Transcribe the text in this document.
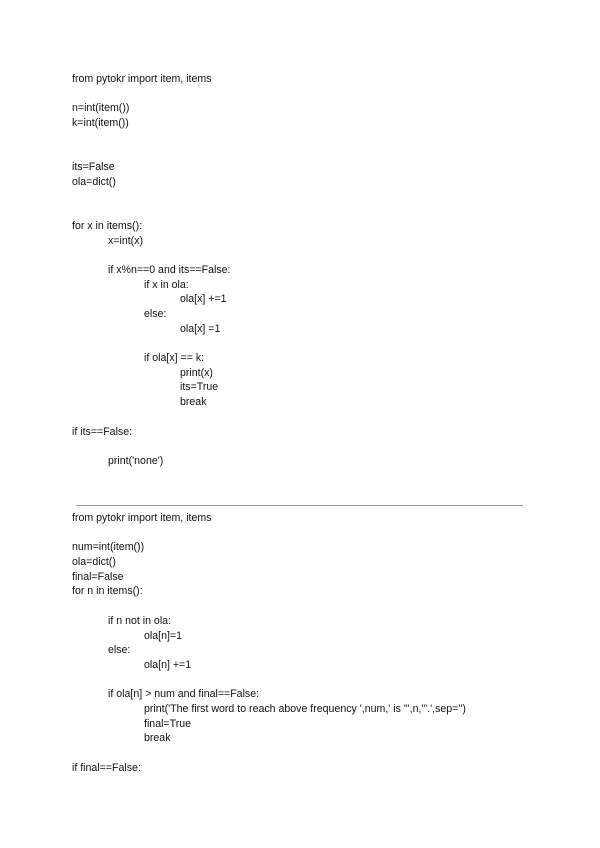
from pytokr import item, items
n=int(item())
k=int(item())
its=False
ola=dict()
for x in items():
x=int(x)
if x%n==0 and its==False:
if x in ola:
ola[x] +=1
else:
ola[x] =1
if ola[x] == k:
print(x)
its=True
break
if its==False:
print('none')
from pytokr import item, items
num=int(item())
ola=dict()
final=False
for n in items():
if n not in ola:
ola[n]=1
else:
ola[n] +=1
if ola[n] > num and final==False:
print('The first word to reach above frequency ',num,' is "',n,'".',sep='')
final=True
break
if final==False:
